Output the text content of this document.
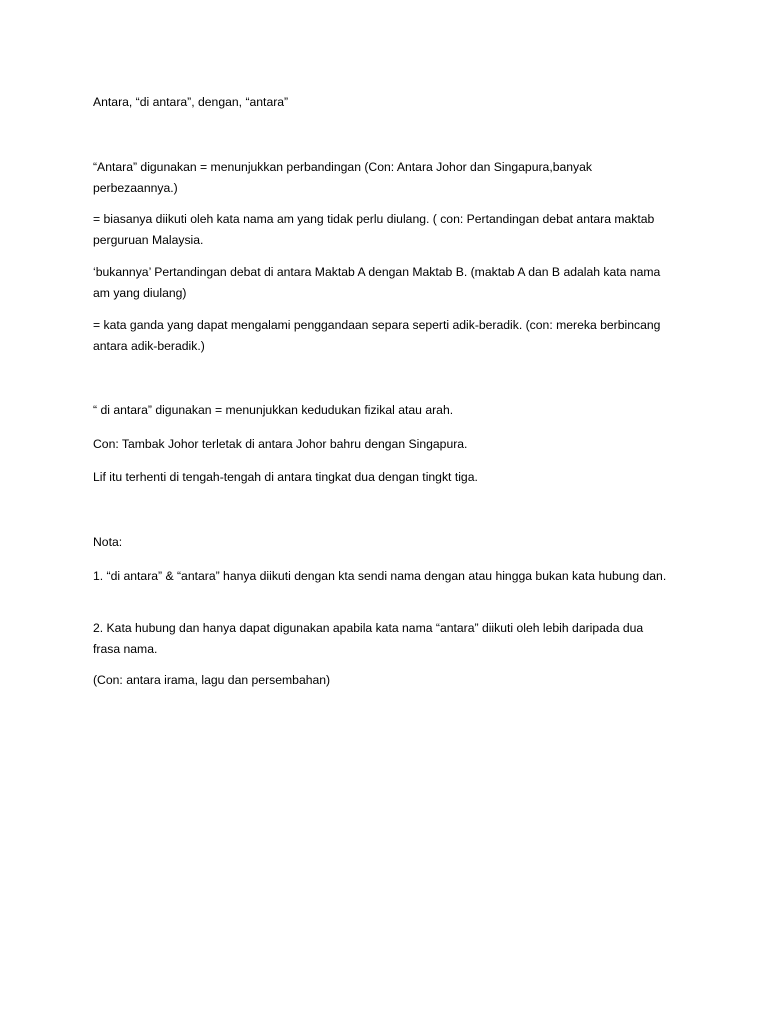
Antara, “di antara”, dengan, “antara”

“Antara” digunakan = menunjukkan perbandingan (Con: Antara Johor dan Singapura,banyak perbezaannya.)

= biasanya diikuti oleh kata nama am yang tidak perlu diulang. ( con: Pertandingan debat antara maktab perguruan Malaysia.

‘bukannya’ Pertandingan debat di antara Maktab A dengan Maktab B. (maktab A dan B adalah kata nama am yang diulang)

= kata ganda yang dapat mengalami penggandaan separa seperti adik-beradik. (con: mereka berbincang antara adik-beradik.)

“ di antara” digunakan = menunjukkan kedudukan fizikal atau arah.

Con: Tambak Johor terletak di antara Johor bahru dengan Singapura.

Lif itu terhenti di tengah-tengah di antara tingkat dua dengan tingkt tiga.

Nota:

1. “di antara” & “antara” hanya diikuti dengan kta sendi nama dengan atau hingga bukan kata hubung dan.

2. Kata hubung dan hanya dapat digunakan apabila kata nama “antara” diikuti oleh lebih daripada dua frasa nama.

(Con: antara irama, lagu dan persembahan)
